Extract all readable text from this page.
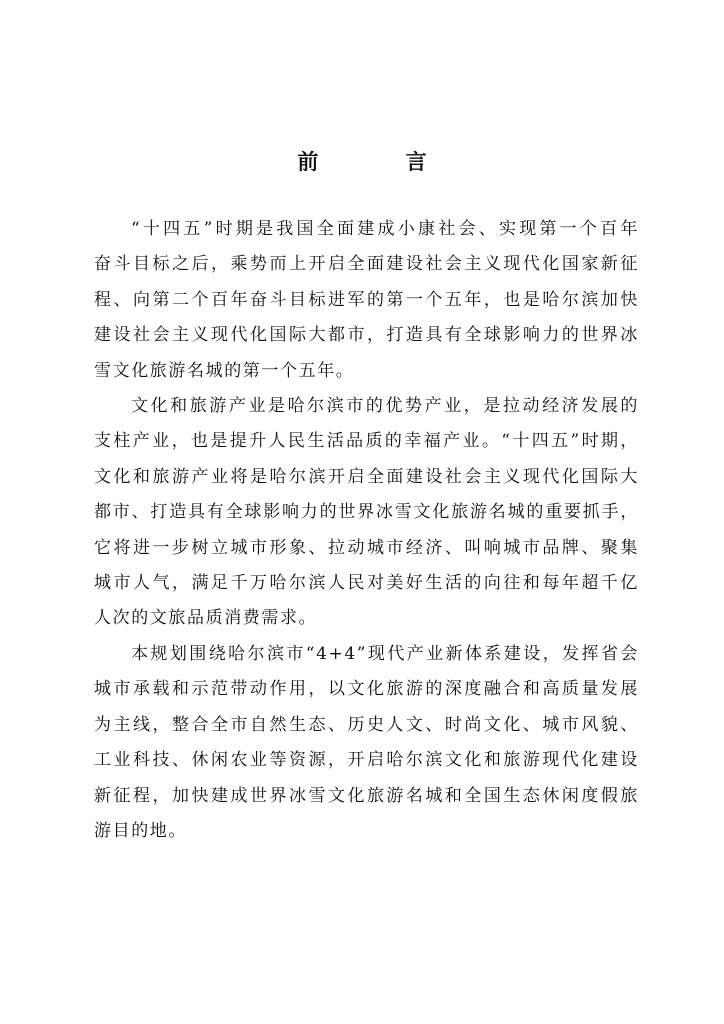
前 言

“十四五”时期是我国全面建成小康社会、实现第一个百年
奋斗目标之后，乘势而上开启全面建设社会主义现代化国家新征
程、向第二个百年奋斗目标进军的第一个五年，也是哈尔滨加快
建设社会主义现代化国际大都市，打造具有全球影响力的世界冰
雪文化旅游名城的第一个五年。

文化和旅游产业是哈尔滨市的优势产业，是拉动经济发展的
支柱产业，也是提升人民生活品质的幸福产业。“十四五”时期，
文化和旅游产业将是哈尔滨开启全面建设社会主义现代化国际大
都市、打造具有全球影响力的世界冰雪文化旅游名城的重要抓手，
它将进一步树立城市形象、拉动城市经济、叫响城市品牌、聚集
城市人气，满足千万哈尔滨人民对美好生活的向往和每年超千亿
人次的文旅品质消费需求。

本规划围绕哈尔滨市“4+4”现代产业新体系建设，发挥省会
城市承载和示范带动作用，以文化旅游的深度融合和高质量发展
为主线，整合全市自然生态、历史人文、时尚文化、城市风貌、
工业科技、休闲农业等资源，开启哈尔滨文化和旅游现代化建设
新征程，加快建成世界冰雪文化旅游名城和全国生态休闲度假旅
游目的地。
